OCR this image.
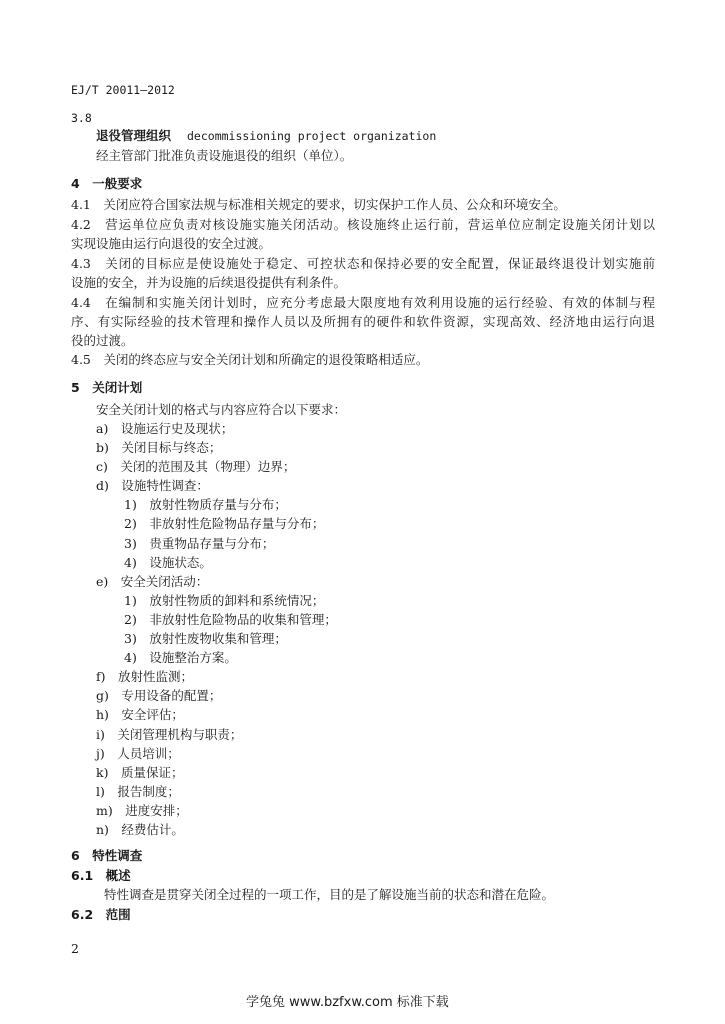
EJ/T 20011—2012
3.8
退役管理组织 decommissioning project organization
经主管部门批准负责设施退役的组织（单位）。
4　一般要求
4.1　关闭应符合国家法规与标准相关规定的要求，切实保护工作人员、公众和环境安全。
4.2　营运单位应负责对核设施实施关闭活动。核设施终止运行前，营运单位应制定设施关闭计划以
实现设施由运行向退役的安全过渡。
4.3　关闭的目标应是使设施处于稳定、可控状态和保持必要的安全配置，保证最终退役计划实施前
设施的安全，并为设施的后续退役提供有利条件。
4.4　在编制和实施关闭计划时，应充分考虑最大限度地有效利用设施的运行经验、有效的体制与程
序、有实际经验的技术管理和操作人员以及所拥有的硬件和软件资源，实现高效、经济地由运行向退
役的过渡。
4.5　关闭的终态应与安全关闭计划和所确定的退役策略相适应。
5　关闭计划
安全关闭计划的格式与内容应符合以下要求：
a)　设施运行史及现状；
b)　关闭目标与终态；
c)　关闭的范围及其（物理）边界；
d)　设施特性调查：
1)　放射性物质存量与分布；
2)　非放射性危险物品存量与分布；
3)　贵重物品存量与分布；
4)　设施状态。
e)　安全关闭活动：
1)　放射性物质的卸料和系统情况；
2)　非放射性危险物品的收集和管理；
3)　放射性废物收集和管理；
4)　设施整治方案。
f)　放射性监测；
g)　专用设备的配置；
h)　安全评估；
i)　关闭管理机构与职责；
j)　人员培训；
k)　质量保证；
l)　报告制度；
m)　进度安排；
n)　经费估计。
6　特性调查
6.1　概述
特性调查是贯穿关闭全过程的一项工作，目的是了解设施当前的状态和潜在危险。
6.2　范围
2
学兔兔 www.bzfxw.com 标准下载
